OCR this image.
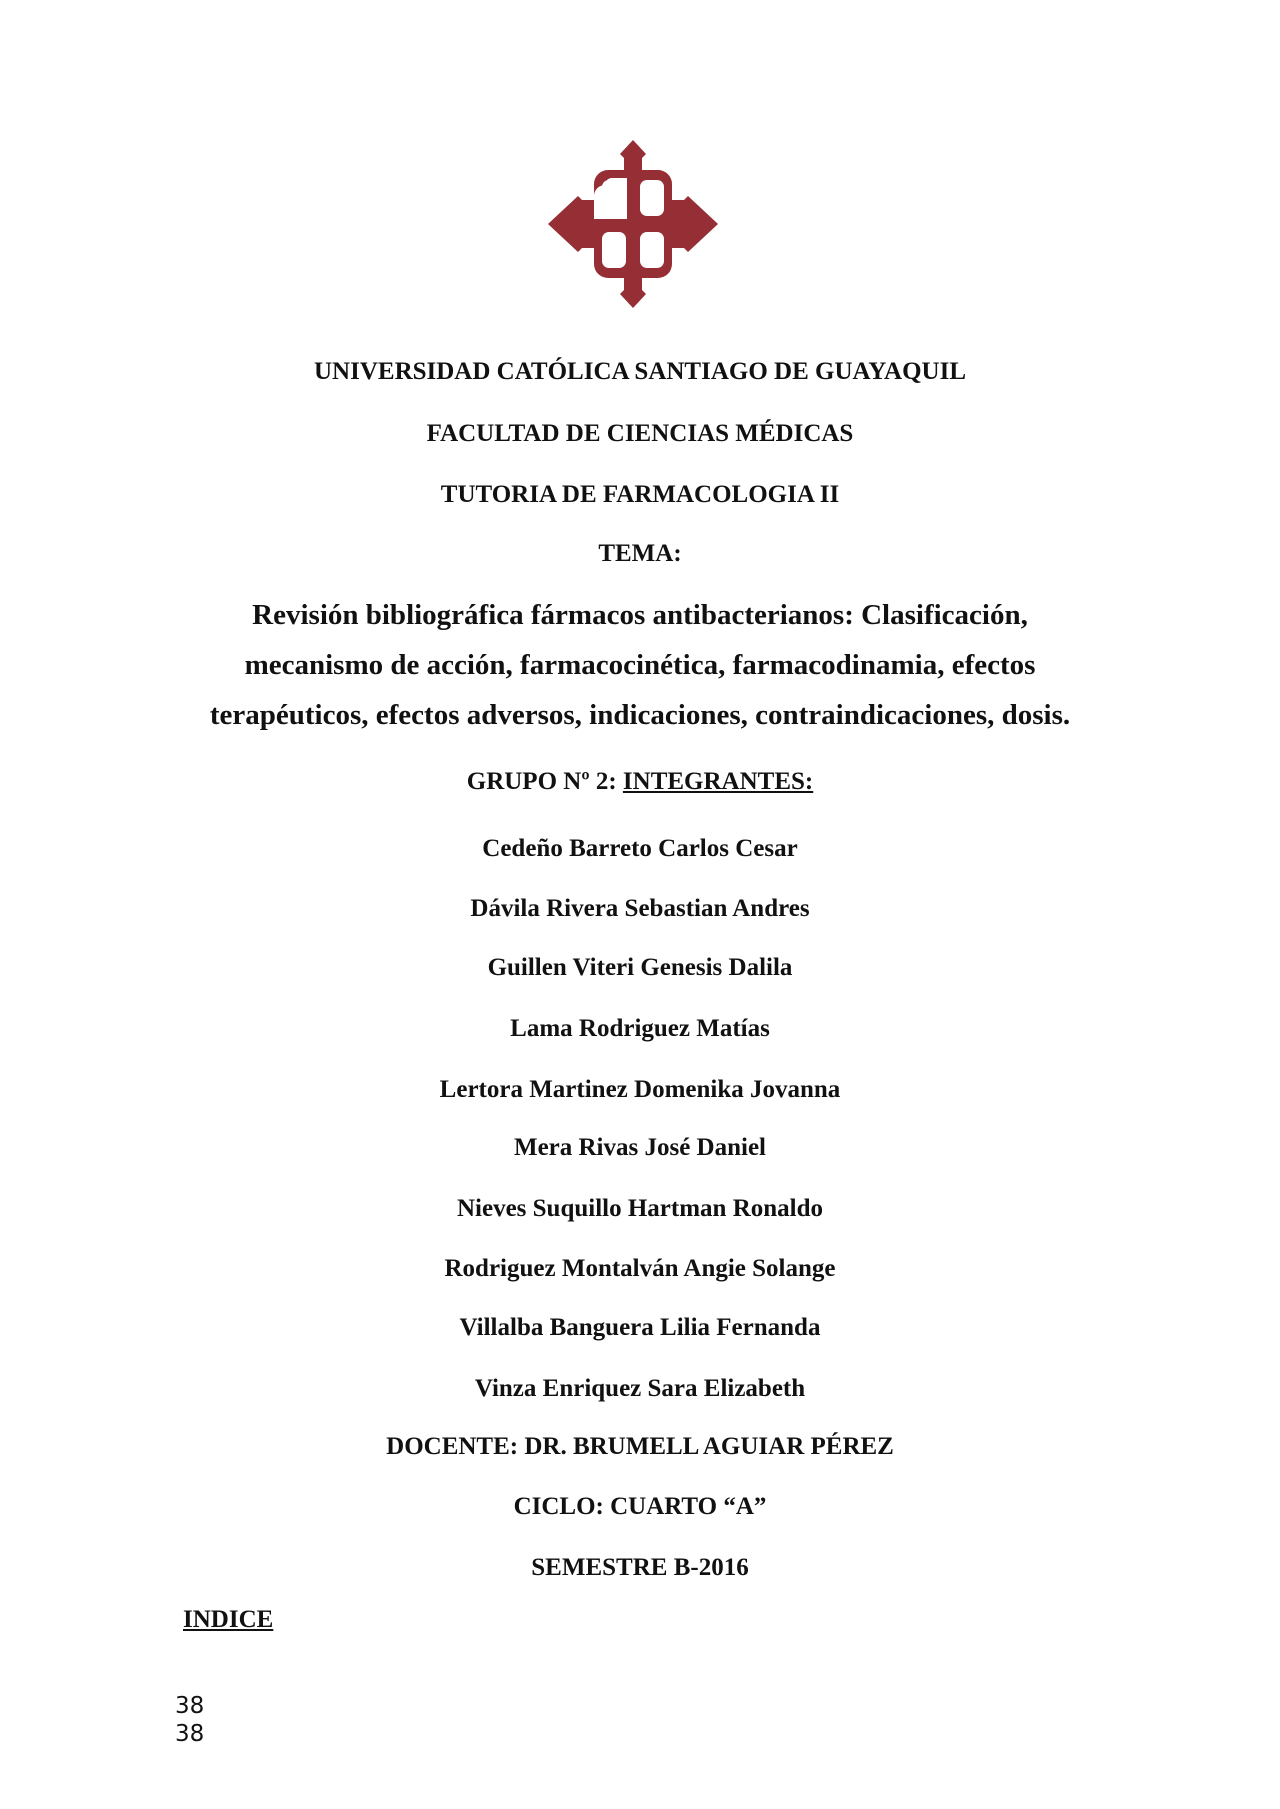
UNIVERSIDAD CATÓLICA SANTIAGO DE GUAYAQUIL
FACULTAD DE CIENCIAS MÉDICAS
TUTORIA DE FARMACOLOGIA II
TEMA:
Revisión bibliográfica fármacos antibacterianos: Clasificación,
mecanismo de acción, farmacocinética, farmacodinamia, efectos
terapéuticos, efectos adversos, indicaciones, contraindicaciones, dosis.
GRUPO Nº 2: INTEGRANTES:
Cedeño Barreto Carlos Cesar
Dávila Rivera Sebastian Andres
Guillen Viteri Genesis Dalila
Lama Rodriguez Matías
Lertora Martinez Domenika Jovanna
Mera Rivas José Daniel
Nieves Suquillo Hartman Ronaldo
Rodriguez Montalván Angie Solange
Villalba Banguera Lilia Fernanda
Vinza Enriquez Sara Elizabeth
DOCENTE: DR. BRUMELL AGUIAR PÉREZ
CICLO: CUARTO “A”
SEMESTRE B-2016
INDICE
38
38
